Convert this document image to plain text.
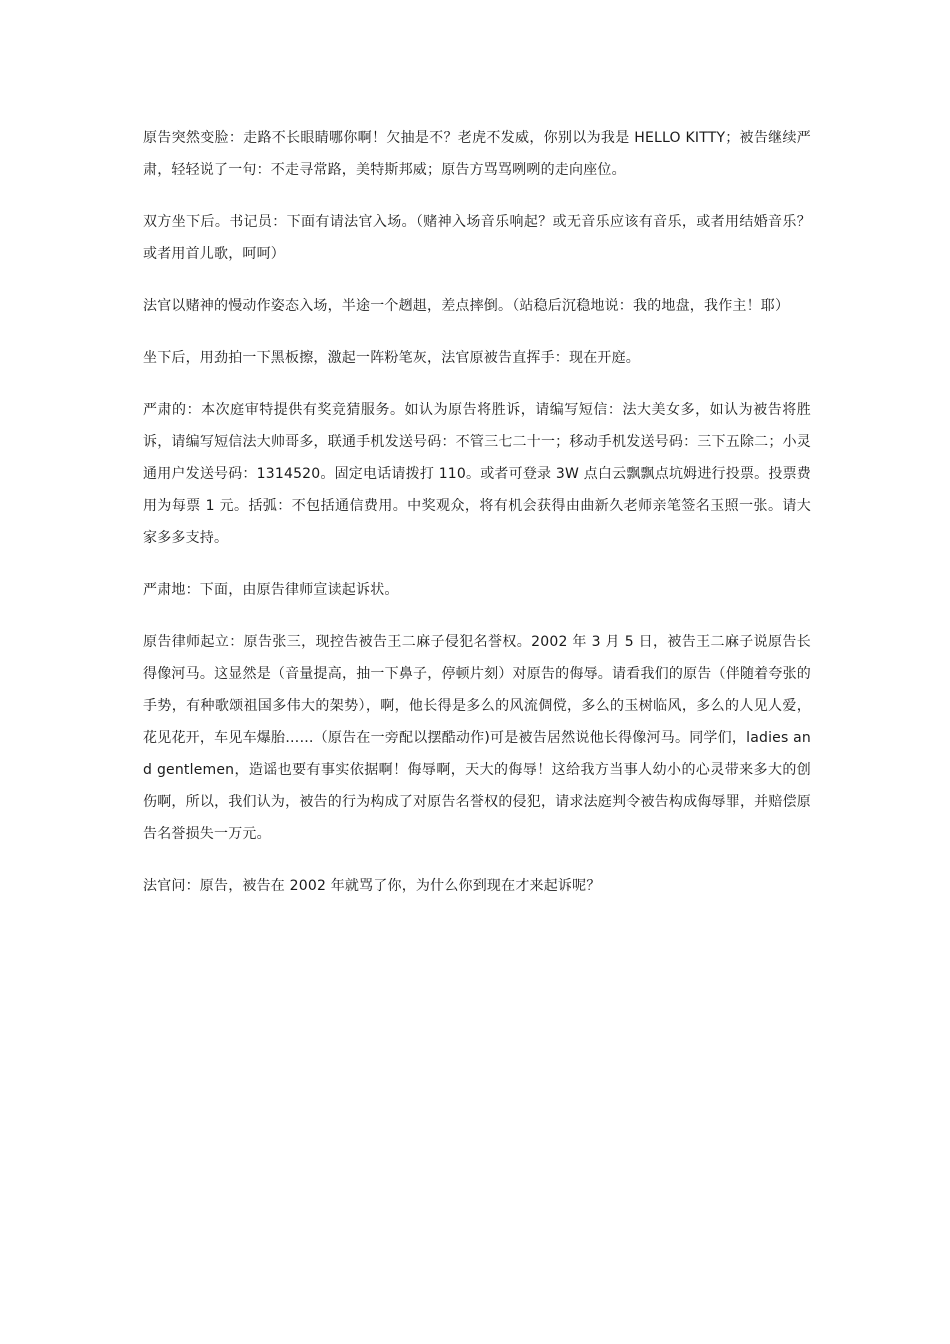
原告突然变脸：走路不长眼睛哪你啊！欠抽是不？老虎不发威，你别以为我是 HELLO KITTY；被告继续严肃，轻轻说了一句：不走寻常路，美特斯邦威；原告方骂骂咧咧的走向座位。

双方坐下后。书记员：下面有请法官入场。（赌神入场音乐响起？或无音乐应该有音乐，或者用结婚音乐？或者用首儿歌，呵呵）

法官以赌神的慢动作姿态入场，半途一个趔趄，差点摔倒。（站稳后沉稳地说：我的地盘，我作主！耶）

坐下后，用劲拍一下黑板擦，激起一阵粉笔灰，法官原被告直挥手：现在开庭。

严肃的：本次庭审特提供有奖竞猜服务。如认为原告将胜诉，请编写短信：法大美女多，如认为被告将胜诉，请编写短信法大帅哥多，联通手机发送号码：不管三七二十一；移动手机发送号码：三下五除二；小灵通用户发送号码：1314520。固定电话请拨打 110。或者可登录 3W 点白云飘飘点坑姆进行投票。投票费用为每票 1 元。括弧：不包括通信费用。中奖观众，将有机会获得由曲新久老师亲笔签名玉照一张。请大家多多支持。

严肃地：下面，由原告律师宣读起诉状。

原告律师起立：原告张三，现控告被告王二麻子侵犯名誉权。2002 年 3 月 5 日，被告王二麻子说原告长得像河马。这显然是（音量提高，抽一下鼻子，停顿片刻）对原告的侮辱。请看我们的原告（伴随着夸张的手势，有种歌颂祖国多伟大的架势），啊，他长得是多么的风流倜傥，多么的玉树临风，多么的人见人爱，花见花开，车见车爆胎……（原告在一旁配以摆酷动作)可是被告居然说他长得像河马。同学们，ladies and gentlemen，造谣也要有事实依据啊！侮辱啊，天大的侮辱！这给我方当事人幼小的心灵带来多大的创伤啊，所以，我们认为，被告的行为构成了对原告名誉权的侵犯，请求法庭判令被告构成侮辱罪，并赔偿原告名誉损失一万元。

法官问：原告，被告在 2002 年就骂了你，为什么你到现在才来起诉呢？
